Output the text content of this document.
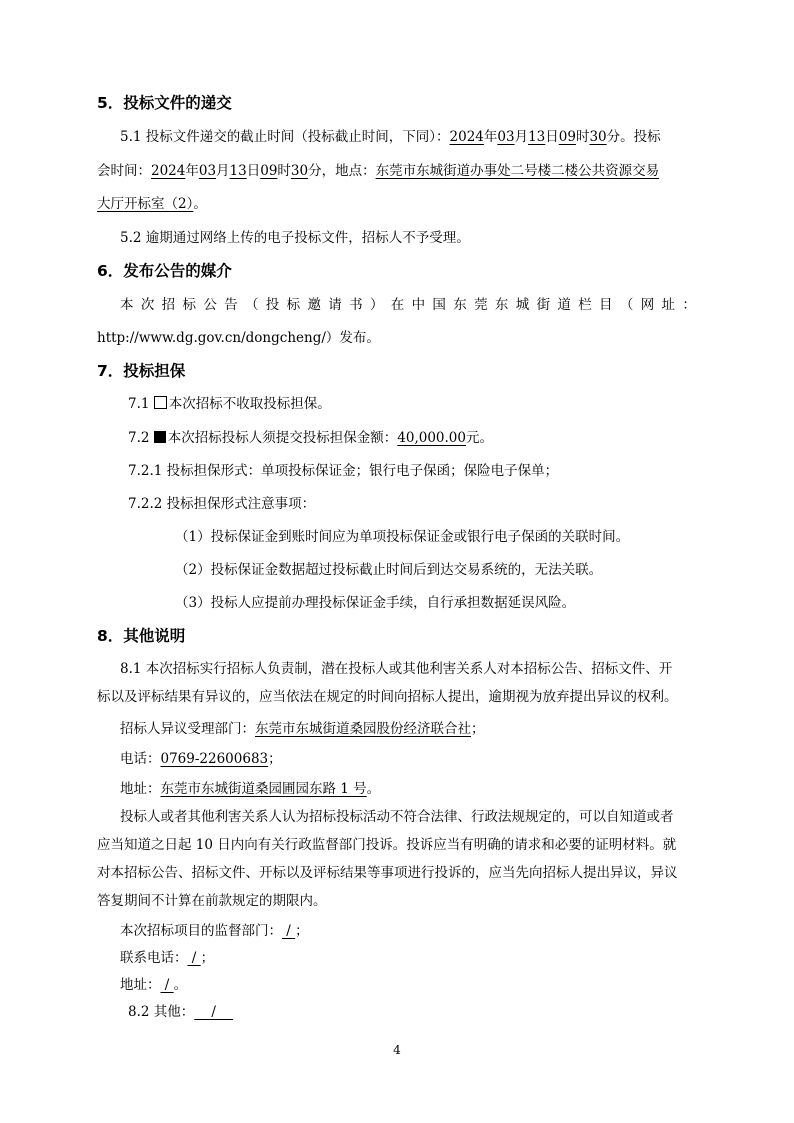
5．投标文件的递交
5.1 投标文件递交的截止时间（投标截止时间，下同）：2024年03月13日09时30分。投标
会时间：2024年03月13日09时30分，地点：东莞市东城街道办事处二号楼二楼公共资源交易
大厅开标室（2）。
5.2 逾期通过网络上传的电子投标文件，招标人不予受理。
6．发布公告的媒介
本 次 招 标 公 告 （ 投 标 邀 请 书 ） 在 中 国 东 莞 东 城 街 道 栏 目 （ 网 址 ：
http://www.dg.gov.cn/dongcheng/）发布。
7．投标担保
7.1 本次招标不收取投标担保。
7.2 本次招标投标人须提交投标担保金额：40,000.00元。
7.2.1 投标担保形式：单项投标保证金；银行电子保函；保险电子保单；
7.2.2 投标担保形式注意事项：
（1）投标保证金到账时间应为单项投标保证金或银行电子保函的关联时间。
（2）投标保证金数据超过投标截止时间后到达交易系统的，无法关联。
（3）投标人应提前办理投标保证金手续，自行承担数据延误风险。
8．其他说明
8.1 本次招标实行招标人负责制，潜在投标人或其他利害关系人对本招标公告、招标文件、开
标以及评标结果有异议的，应当依法在规定的时间向招标人提出，逾期视为放弃提出异议的权利。
招标人异议受理部门：东莞市东城街道桑园股份经济联合社；
电话：0769-22600683；
地址：东莞市东城街道桑园圃园东路 1 号。
投标人或者其他利害关系人认为招标投标活动不符合法律、行政法规规定的，可以自知道或者
应当知道之日起 10 日内向有关行政监督部门投诉。投诉应当有明确的请求和必要的证明材料。就
对本招标公告、招标文件、开标以及评标结果等事项进行投诉的，应当先向招标人提出异议，异议
答复期间不计算在前款规定的期限内。
本次招标项目的监督部门： / ；
联系电话： / ；
地址： / 。
8.2 其他：    /
4
